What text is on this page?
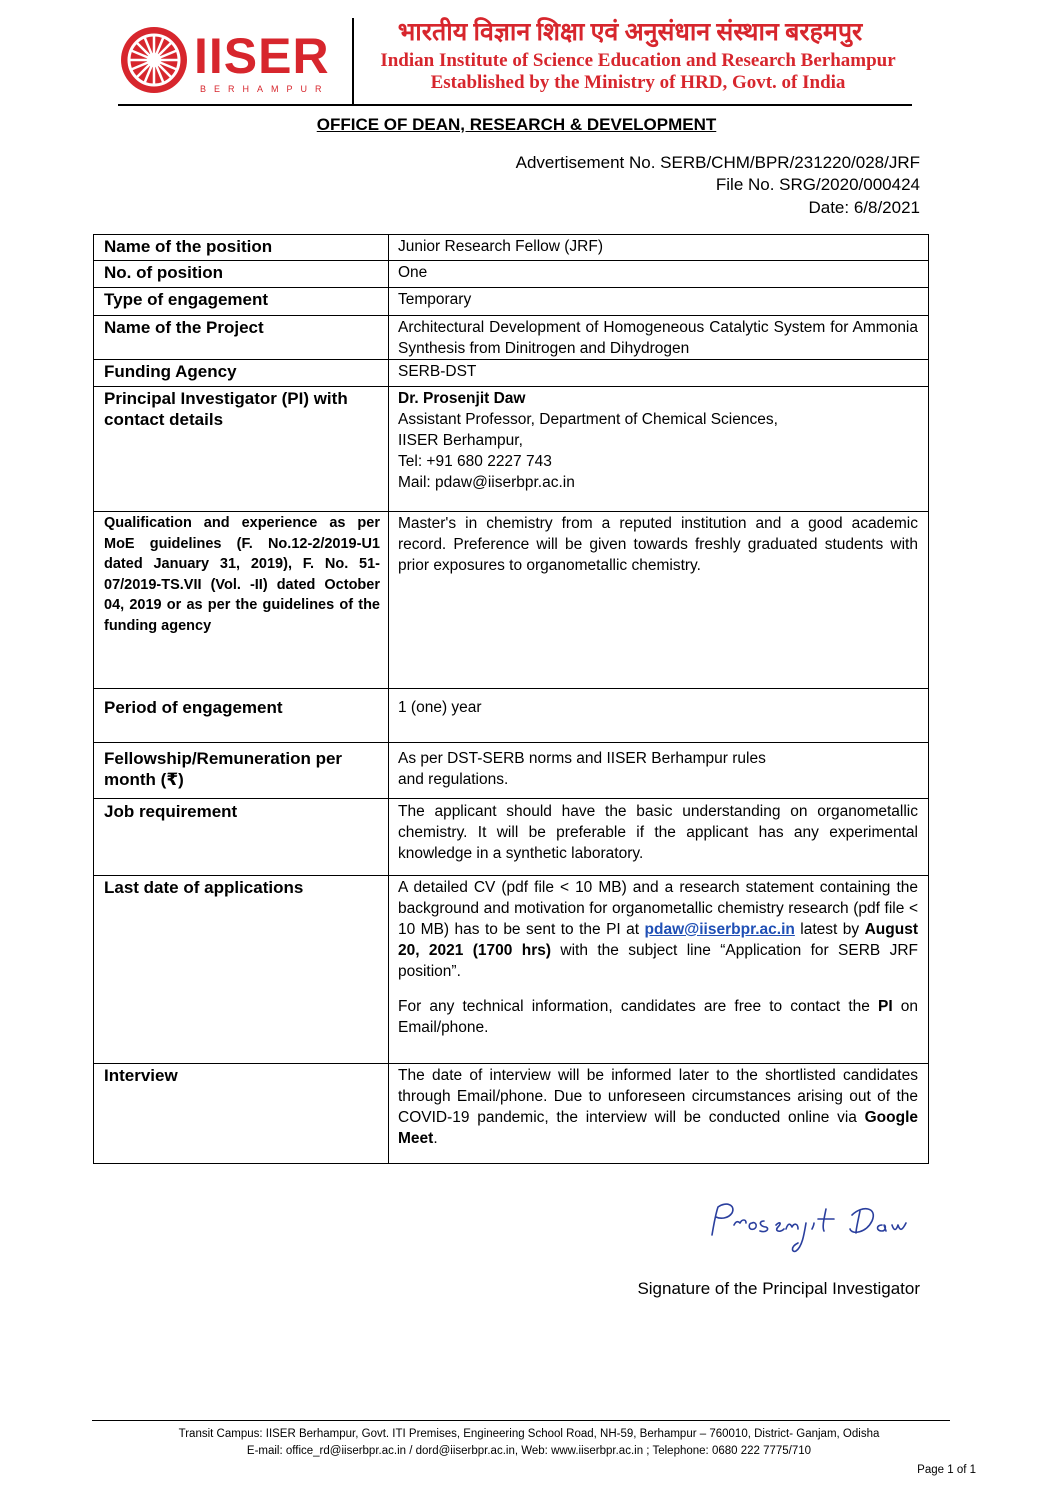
IISER
BERHAMPUR
भारतीय विज्ञान शिक्षा एवं अनुसंधान संस्थान बरहमपुर
Indian Institute of Science Education and Research Berhampur
Established by the Ministry of HRD, Govt. of India
OFFICE OF DEAN, RESEARCH & DEVELOPMENT
Advertisement No. SERB/CHM/BPR/231220/028/JRF
File No. SRG/2020/000424
Date: 6/8/2021
Name of the position	Junior Research Fellow (JRF)
No. of position	One
Type of engagement	Temporary
Name of the Project	Architectural Development of Homogeneous Catalytic System for Ammonia Synthesis from Dinitrogen and Dihydrogen
Funding Agency	SERB-DST
Principal Investigator (PI) with contact details	Dr. Prosenjit Daw
Assistant Professor, Department of Chemical Sciences,
IISER Berhampur,
Tel: +91 680 2227 743
Mail: pdaw@iiserbpr.ac.in

Qualification and experience as per MoE guidelines (F. No.12-2/2019-U1 dated January 31, 2019), F. No. 51-07/2019-TS.VII (Vol. -II) dated October 04, 2019 or as per the guidelines of the funding agency	Master's in chemistry from a reputed institution and a good academic record. Preference will be given towards freshly graduated students with prior exposures to organometallic chemistry.
Period of engagement	1 (one) year
Fellowship/Remuneration per month (₹)	As per DST-SERB norms and IISER Berhampur rules
and regulations.

Job requirement	The applicant should have the basic understanding on organometallic chemistry. It will be preferable if the applicant has any experimental knowledge in a synthetic laboratory.
Last date of applications	A detailed CV (pdf file < 10 MB) and a research statement containing the background and motivation for organometallic chemistry research (pdf file < 10 MB) has to be sent to the PI at pdaw@iiserbpr.ac.in latest by August 20, 2021 (1700 hrs) with the subject line “Application for SERB JRF position”.
For any technical information, candidates are free to contact the PI on Email/phone.

Interview	The date of interview will be informed later to the shortlisted candidates through Email/phone. Due to unforeseen circumstances arising out of the COVID-19 pandemic, the interview will be conducted online via Google Meet.
Signature of the Principal Investigator
Transit Campus: IISER Berhampur, Govt. ITI Premises, Engineering School Road, NH-59, Berhampur – 760010, District- Ganjam, Odisha
E-mail: office_rd@iiserbpr.ac.in / dord@iiserbpr.ac.in, Web: www.iiserbpr.ac.in ; Telephone: 0680 222 7775/710
Page 1 of 1
